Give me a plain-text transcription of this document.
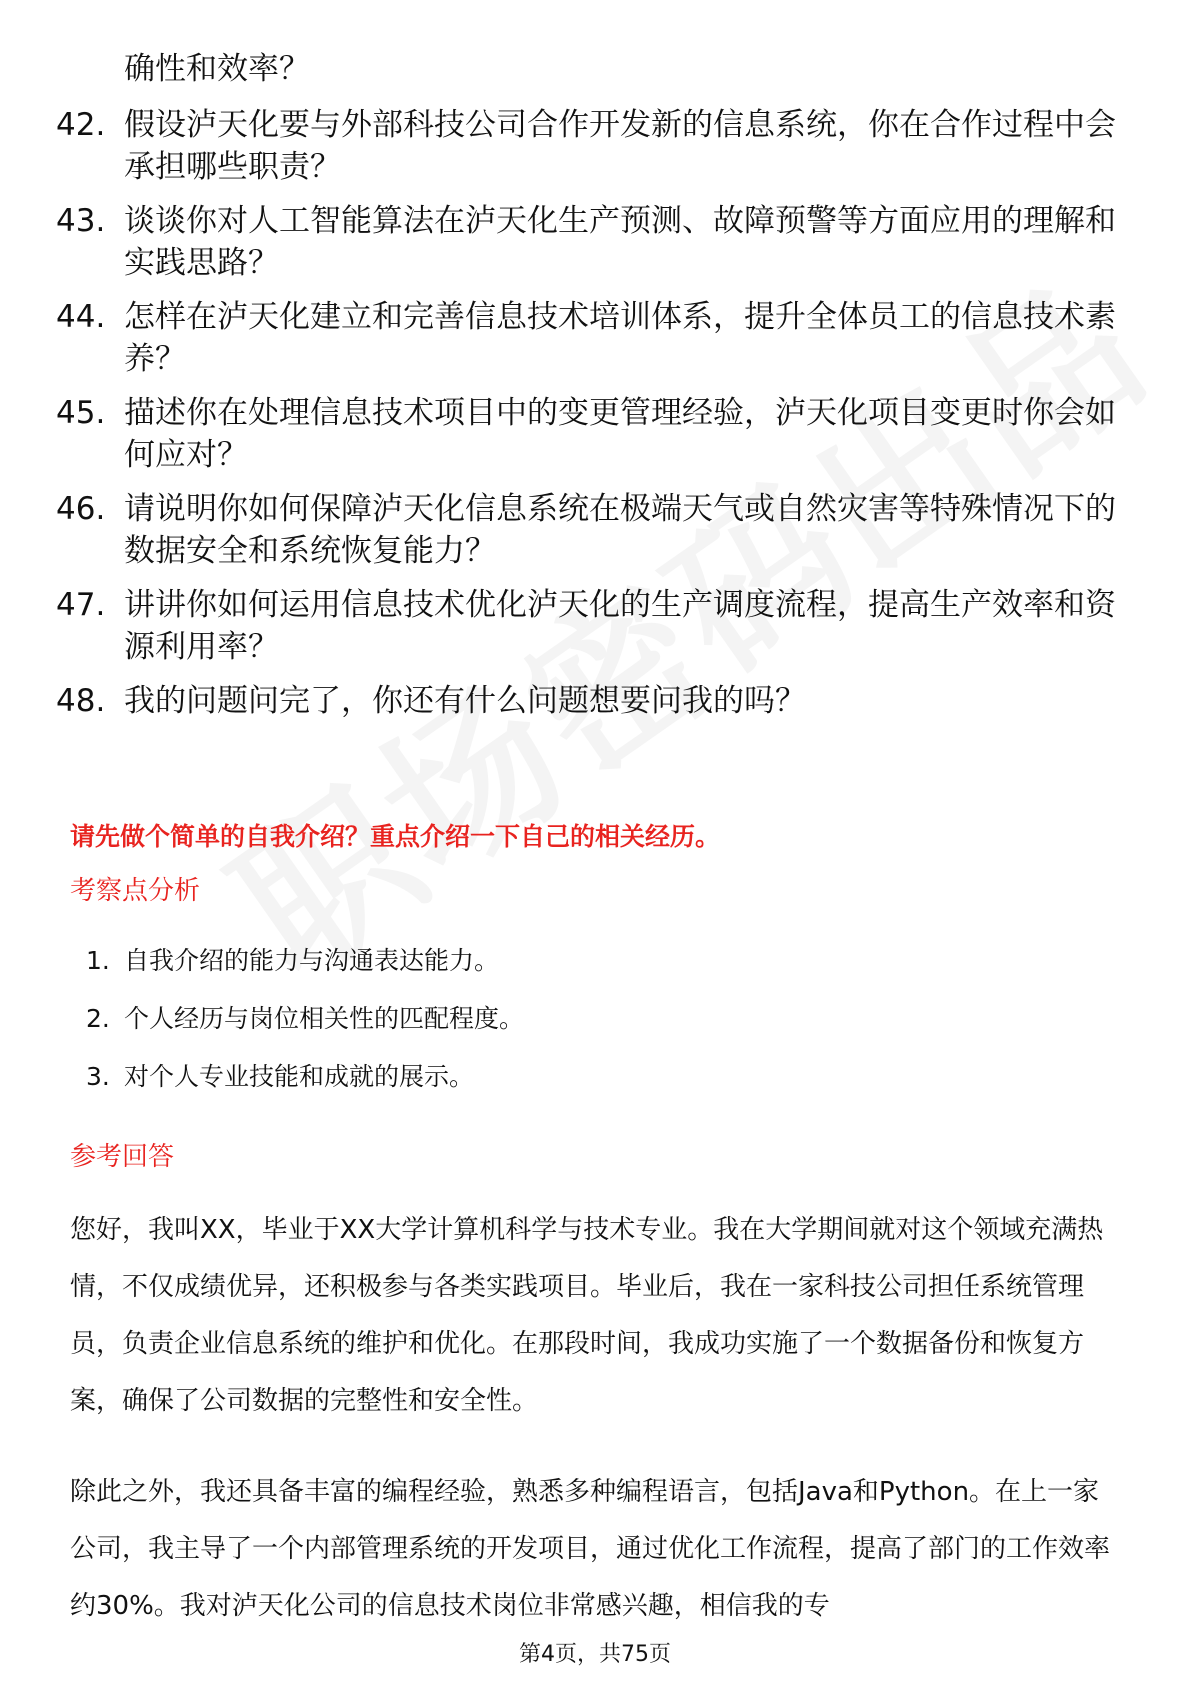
确性和效率？
42. 假设泸天化要与外部科技公司合作开发新的信息系统，你在合作过程中会承担哪些职责？
43. 谈谈你对人工智能算法在泸天化生产预测、故障预警等方面应用的理解和实践思路？
44. 怎样在泸天化建立和完善信息技术培训体系，提升全体员工的信息技术素养？
45. 描述你在处理信息技术项目中的变更管理经验，泸天化项目变更时你会如何应对？
46. 请说明你如何保障泸天化信息系统在极端天气或自然灾害等特殊情况下的数据安全和系统恢复能力？
47. 讲讲你如何运用信息技术优化泸天化的生产调度流程，提高生产效率和资源利用率？
48. 我的问题问完了，你还有什么问题想要问我的吗？
请先做个简单的自我介绍？重点介绍一下自己的相关经历。
考察点分析
1. 自我介绍的能力与沟通表达能力。
2. 个人经历与岗位相关性的匹配程度。
3. 对个人专业技能和成就的展示。
参考回答
您好，我叫XX，毕业于XX大学计算机科学与技术专业。我在大学期间就对这个领域充满热情，不仅成绩优异，还积极参与各类实践项目。毕业后，我在一家科技公司担任系统管理员，负责企业信息系统的维护和优化。在那段时间，我成功实施了一个数据备份和恢复方案，确保了公司数据的完整性和安全性。
除此之外，我还具备丰富的编程经验，熟悉多种编程语言，包括Java和Python。在上一家公司，我主导了一个内部管理系统的开发项目，通过优化工作流程，提高了部门的工作效率约30%。我对泸天化公司的信息技术岗位非常感兴趣，相信我的专
第4页，共75页
